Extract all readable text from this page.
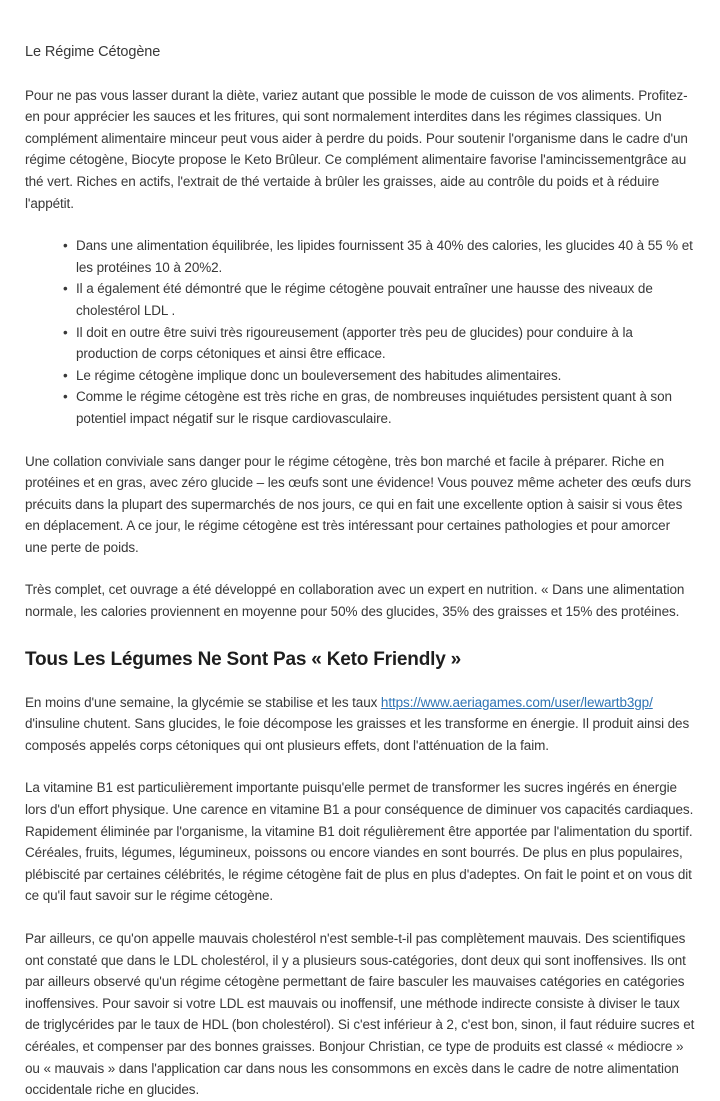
Le Régime Cétogène

Pour ne pas vous lasser durant la diète, variez autant que possible le mode de cuisson de vos aliments. Profitez-en pour apprécier les sauces et les fritures, qui sont normalement interdites dans les régimes classiques. Un complément alimentaire minceur peut vous aider à perdre du poids. Pour soutenir l'organisme dans le cadre d'un régime cétogène, Biocyte propose le Keto Brûleur. Ce complément alimentaire favorise l'amincissementgrâce au thé vert. Riches en actifs, l'extrait de thé vertaide à brûler les graisses, aide au contrôle du poids et à réduire l'appétit.

• Dans une alimentation équilibrée, les lipides fournissent 35 à 40% des calories, les glucides 40 à 55 % et les protéines 10 à 20%2.
• Il a également été démontré que le régime cétogène pouvait entraîner une hausse des niveaux de cholestérol LDL .
• Il doit en outre être suivi très rigoureusement (apporter très peu de glucides) pour conduire à la production de corps cétoniques et ainsi être efficace.
• Le régime cétogène implique donc un bouleversement des habitudes alimentaires.
• Comme le régime cétogène est très riche en gras, de nombreuses inquiétudes persistent quant à son potentiel impact négatif sur le risque cardiovasculaire.

Une collation conviviale sans danger pour le régime cétogène, très bon marché et facile à préparer. Riche en protéines et en gras, avec zéro glucide – les œufs sont une évidence! Vous pouvez même acheter des œufs durs précuits dans la plupart des supermarchés de nos jours, ce qui en fait une excellente option à saisir si vous êtes en déplacement. A ce jour, le régime cétogène est très intéressant pour certaines pathologies et pour amorcer une perte de poids.

Très complet, cet ouvrage a été développé en collaboration avec un expert en nutrition. « Dans une alimentation normale, les calories proviennent en moyenne pour 50% des glucides, 35% des graisses et 15% des protéines.

Tous Les Légumes Ne Sont Pas « Keto Friendly »

En moins d'une semaine, la glycémie se stabilise et les taux https://www.aeriagames.com/user/lewartb3gp/ d'insuline chutent. Sans glucides, le foie décompose les graisses et les transforme en énergie. Il produit ainsi des composés appelés corps cétoniques qui ont plusieurs effets, dont l'atténuation de la faim.

La vitamine B1 est particulièrement importante puisqu'elle permet de transformer les sucres ingérés en énergie lors d'un effort physique. Une carence en vitamine B1 a pour conséquence de diminuer vos capacités cardiaques. Rapidement éliminée par l'organisme, la vitamine B1 doit régulièrement être apportée par l'alimentation du sportif. Céréales, fruits, légumes, légumineux, poissons ou encore viandes en sont bourrés. De plus en plus populaires, plébiscité par certaines célébrités, le régime cétogène fait de plus en plus d'adeptes. On fait le point et on vous dit ce qu'il faut savoir sur le régime cétogène.

Par ailleurs, ce qu'on appelle mauvais cholestérol n'est semble-t-il pas complètement mauvais. Des scientifiques ont constaté que dans le LDL cholestérol, il y a plusieurs sous-catégories, dont deux qui sont inoffensives. Ils ont par ailleurs observé qu'un régime cétogène permettant de faire basculer les mauvaises catégories en catégories inoffensives. Pour savoir si votre LDL est mauvais ou inoffensif, une méthode indirecte consiste à diviser le taux de triglycérides par le taux de HDL (bon cholestérol). Si c'est inférieur à 2, c'est bon, sinon, il faut réduire sucres et céréales, et compenser par des bonnes graisses. Bonjour Christian, ce type de produits est classé « médiocre » ou « mauvais » dans l'application car dans nous les consommons en excès dans le cadre de notre alimentation occidentale riche en glucides.
